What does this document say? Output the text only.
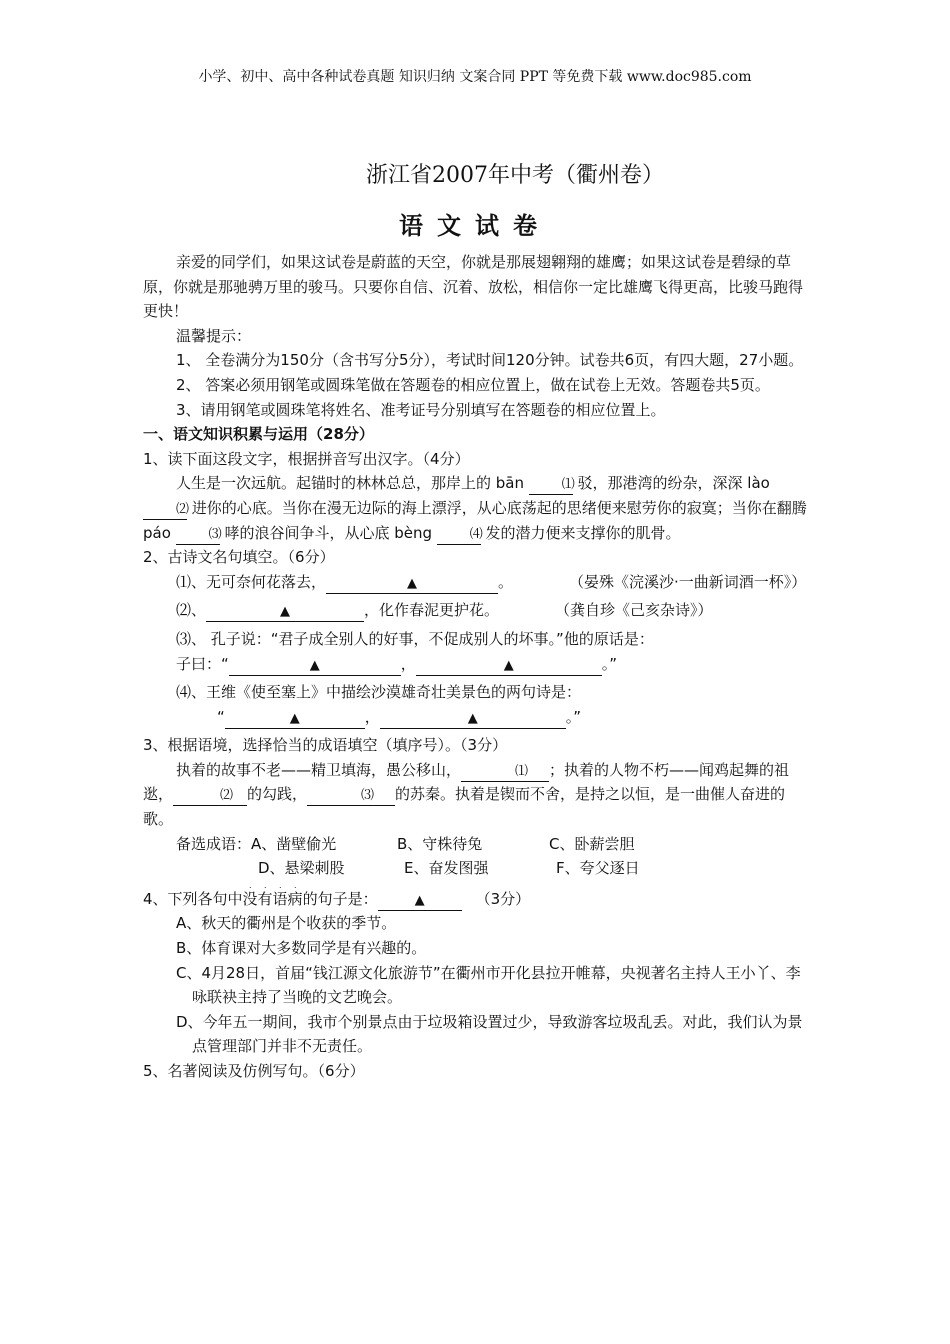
小学、初中、高中各种试卷真题 知识归纳 文案合同 PPT 等免费下载 www.doc985.com
浙江省2007年中考（衢州卷）
语文试卷

亲爱的同学们，如果这试卷是蔚蓝的天空，你就是那展翅翱翔的雄鹰；如果这试卷是碧绿的草原，你就是那驰骋万里的骏马。只要你自信、沉着、放松，相信你一定比雄鹰飞得更高，比骏马跑得更快！

温馨提示：

1、 全卷满分为150分（含书写分5分），考试时间120分钟。试卷共6页，有四大题，27小题。

2、 答案必须用钢笔或圆珠笔做在答题卷的相应位置上，做在试卷上无效。答题卷共5页。

3、请用钢笔或圆珠笔将姓名、准考证号分别填写在答题卷的相应位置上。

一、语文知识积累与运用（28分）

1、读下面这段文字，根据拼音写出汉字。（4分）

人生是一次远航。起锚时的林林总总，那岸上的 bān	⑴ 驳，那港湾的纷杂，深深 lào ⑵ 进你的心底。当你在漫无边际的海上漂浮，从心底荡起的思绪便来慰劳你的寂寞；当你在翻腾 páo	⑶ 哮的浪谷间争斗，从心底 bèng	⑷ 发的潜力便来支撑你的肌骨。

2、古诗文名句填空。（6分）

⑴、无可奈何花落去，	▲	。	（晏殊《浣溪沙·一曲新词酒一杯》）

⑵、	▲	，化作春泥更护花。	（龚自珍《己亥杂诗》）

⑶、 孔子说：“君子成全别人的好事，不促成别人的坏事。”他的原话是：

子曰：“	▲	，	▲	。”

⑷、王维《使至塞上》中描绘沙漠雄奇壮美景色的两句诗是：

“	▲	，	▲	。”

3、根据语境，选择恰当的成语填空（填序号）。（3分）

执着的故事不老——精卫填海，愚公移山，	⑴ ；执着的人物不朽——闻鸡起舞的祖逖，	⑵ 的勾践，	⑶ 的苏秦。执着是锲而不舍，是持之以恒，是一曲催人奋进的歌。

备选成语：A、凿壁偷光	B、守株待兔	C、卧薪尝胆

D、悬梁刺股	E、奋发图强	F、夸父逐日

4、下列各句中没有语病的句子是：	▲	（3分）

A、秋天的衢州是个收获的季节。

B、体育课对大多数同学是有兴趣的。

C、4月28日，首届“钱江源文化旅游节”在衢州市开化县拉开帷幕，央视著名主持人王小丫、李咏联袂主持了当晚的文艺晚会。

D、今年五一期间，我市个别景点由于垃圾箱设置过少，导致游客垃圾乱丢。对此，我们认为景点管理部门并非不无责任。

5、名著阅读及仿例写句。（6分）
